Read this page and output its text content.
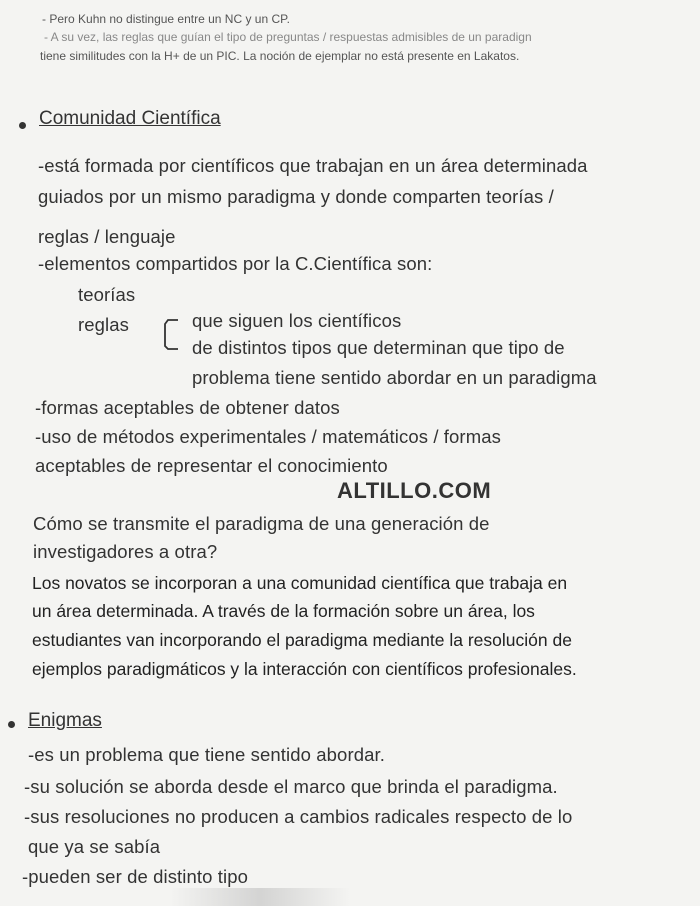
- Pero Kuhn no distingue entre un NC y un CP.
- A su vez, las reglas que guían el tipo de preguntas / respuestas admisibles de un paradign
tiene similitudes con la H+ de un PIC. La noción de ejemplar no está presente en Lakatos.
Comunidad Científica
-está formada por científicos que trabajan en un área determinada
guiados por un mismo paradigma y donde comparten teorías /
reglas / lenguaje
-elementos compartidos por la C.Científica son:
teorías
reglas	que siguen los científicos
de distintos tipos que determinan que tipo de
problema tiene sentido abordar en un paradigma
-formas aceptables de obtener datos
-uso de métodos experimentales / matemáticos / formas
aceptables de representar el conocimiento
ALTILLO.COM
Cómo se transmite el paradigma de una generación de
investigadores a otra?
Los novatos se incorporan a una comunidad científica que trabaja en
un área determinada. A través de la formación sobre un área, los
estudiantes van incorporando el paradigma mediante la resolución de
ejemplos paradigmáticos y la interacción con científicos profesionales.
Enigmas
-es un problema que tiene sentido abordar.
-su solución se aborda desde el marco que brinda el paradigma.
-sus resoluciones no producen a cambios radicales respecto de lo
que ya se sabía
-pueden ser de distinto tipo
